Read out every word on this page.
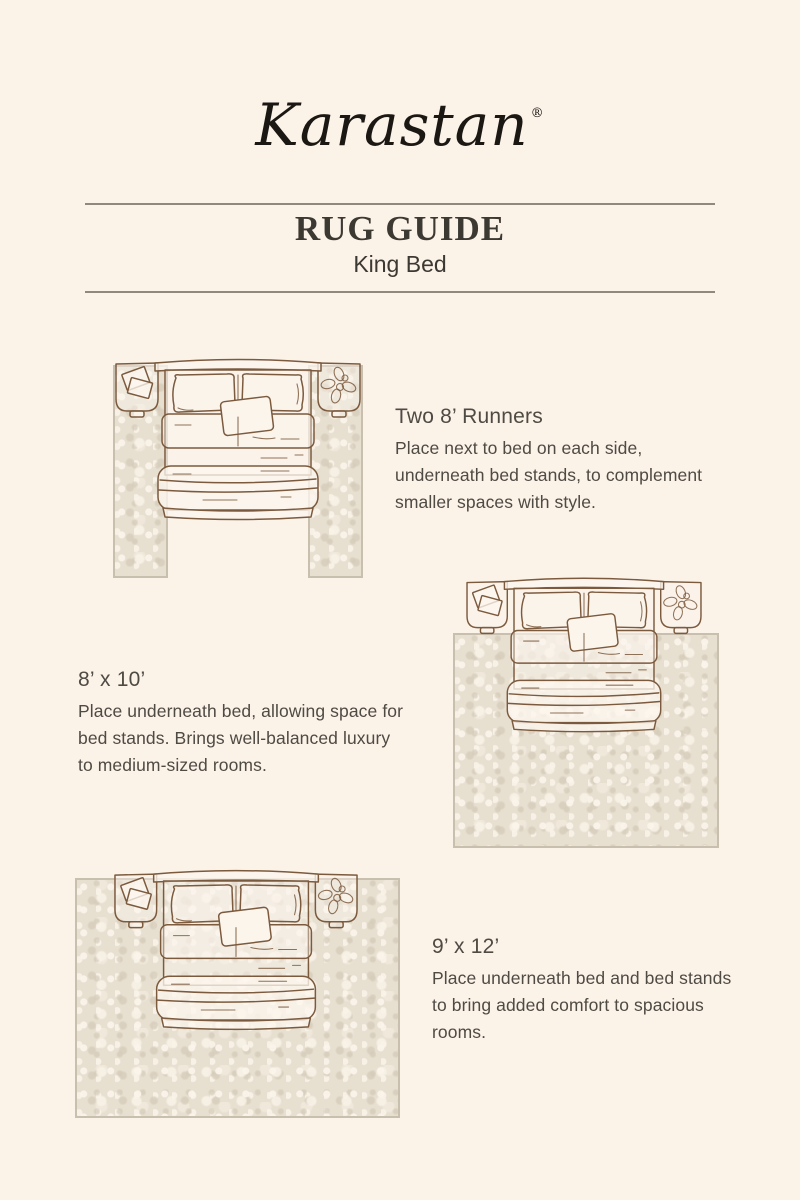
Karastan ®
RUG GUIDE
King Bed
Two 8’ Runners
Place next to bed on each side, underneath bed stands, to complement smaller spaces with style.
8’ x 10’
Place underneath bed, allowing space for bed stands. Brings well-balanced luxury to medium-sized rooms.
9’ x 12’
Place underneath bed and bed stands to bring added comfort to spacious rooms.
